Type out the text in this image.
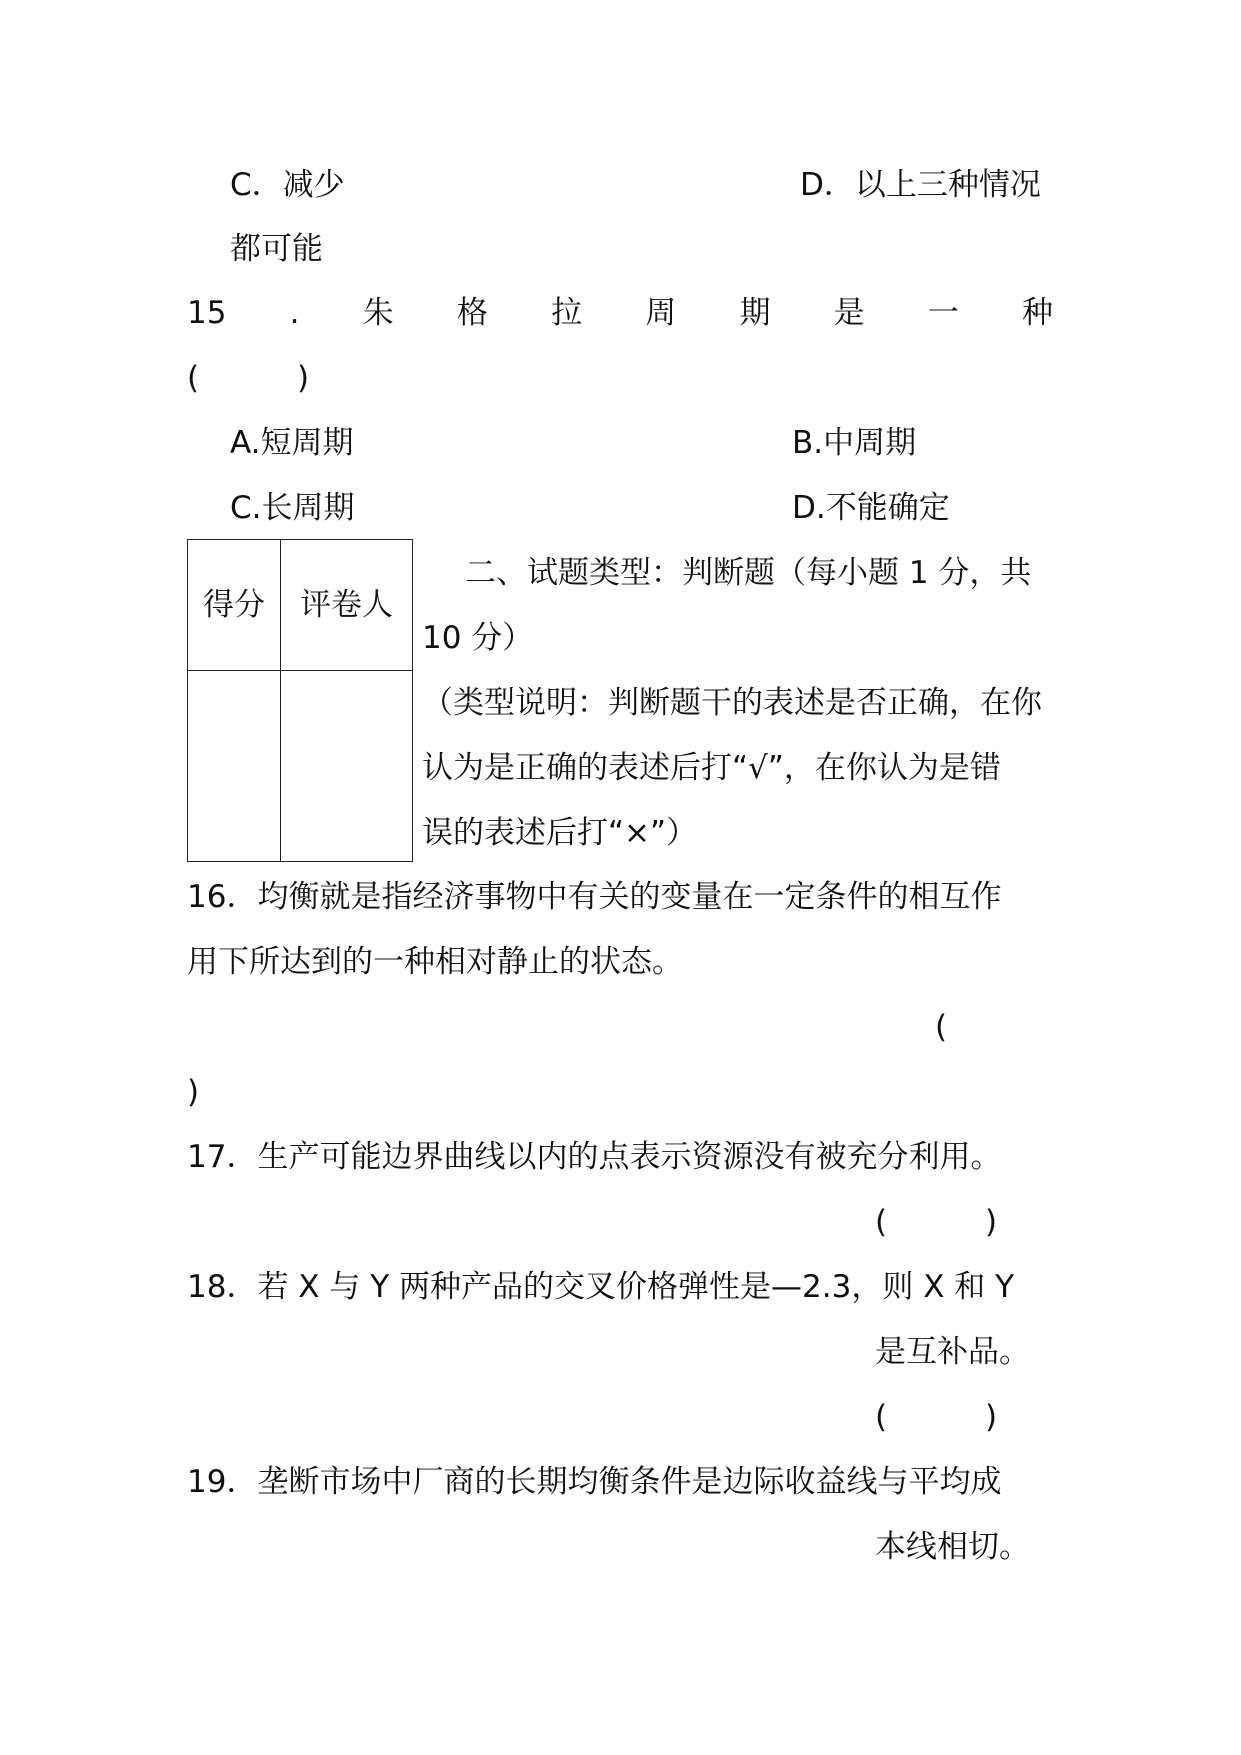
C．减少	D．以上三种情况
都可能
15 . 朱 格 拉 周 期 是 一 种
(	)
A.短周期	B.中周期
C.长周期	D.不能确定
得分	评卷人

二、试题类型：判断题（每小题 1 分，共
10 分）
（类型说明：判断题干的表述是否正确，在你
认为是正确的表述后打“√”，在你认为是错
误的表述后打“×”）
16．均衡就是指经济事物中有关的变量在一定条件的相互作
用下所达到的一种相对静止的状态。
(
)
17．生产可能边界曲线以内的点表示资源没有被充分利用。
(	)
18．若 X 与 Y 两种产品的交叉价格弹性是—2.3，则 X 和 Y
是互补品。
(	)
19．垄断市场中厂商的长期均衡条件是边际收益线与平均成
本线相切。
